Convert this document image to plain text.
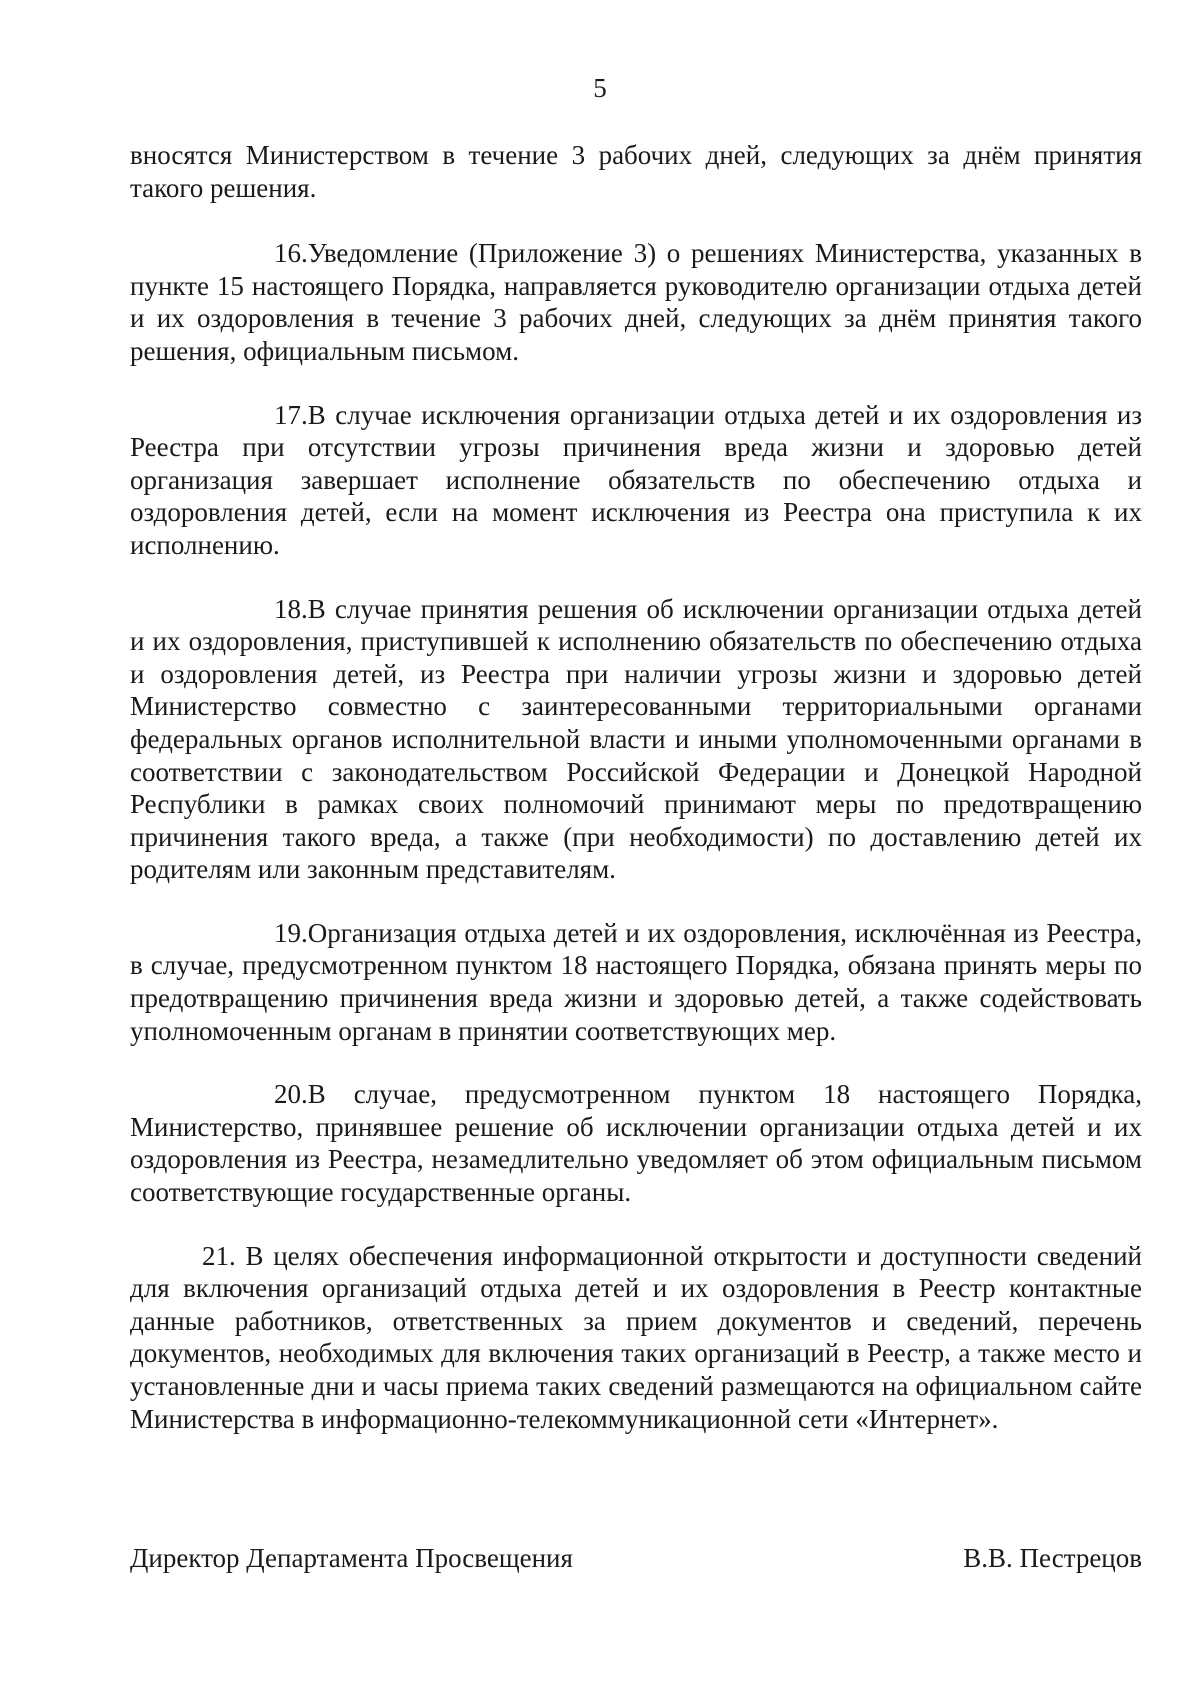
5

вносятся Министерством в течение 3 рабочих дней, следующих за днём принятия такого решения.

16.Уведомление (Приложение 3) о решениях Министерства, указанных в пункте 15 настоящего Порядка, направляется руководителю организации отдыха детей и их оздоровления в течение 3 рабочих дней, следующих за днём принятия такого решения, официальным письмом.

17.В случае исключения организации отдыха детей и их оздоровления из Реестра при отсутствии угрозы причинения вреда жизни и здоровью детей организация завершает исполнение обязательств по обеспечению отдыха и оздоровления детей, если на момент исключения из Реестра она приступила к их исполнению.

18.В случае принятия решения об исключении организации отдыха детей и их оздоровления, приступившей к исполнению обязательств по обеспечению отдыха и оздоровления детей, из Реестра при наличии угрозы жизни и здоровью детей Министерство совместно с заинтересованными территориальными органами федеральных органов исполнительной власти и иными уполномоченными органами в соответствии с законодательством Российской Федерации и Донецкой Народной Республики в рамках своих полномочий принимают меры по предотвращению причинения такого вреда, а также (при необходимости) по доставлению детей их родителям или законным представителям.

19.Организация отдыха детей и их оздоровления, исключённая из Реестра, в случае, предусмотренном пунктом 18 настоящего Порядка, обязана принять меры по предотвращению причинения вреда жизни и здоровью детей, а также содействовать уполномоченным органам в принятии соответствующих мер.

20.В случае, предусмотренном пунктом 18 настоящего Порядка, Министерство, принявшее решение об исключении организации отдыха детей и их оздоровления из Реестра, незамедлительно уведомляет об этом официальным письмом соответствующие государственные органы.

21. В целях обеспечения информационной открытости и доступности сведений для включения организаций отдыха детей и их оздоровления в Реестр контактные данные работников, ответственных за прием документов и сведений, перечень документов, необходимых для включения таких организаций в Реестр, а также место и установленные дни и часы приема таких сведений размещаются на официальном сайте Министерства в информационно-телекоммуникационной сети «Интернет».

Директор Департамента Просвещения	В.В. Пестрецов
